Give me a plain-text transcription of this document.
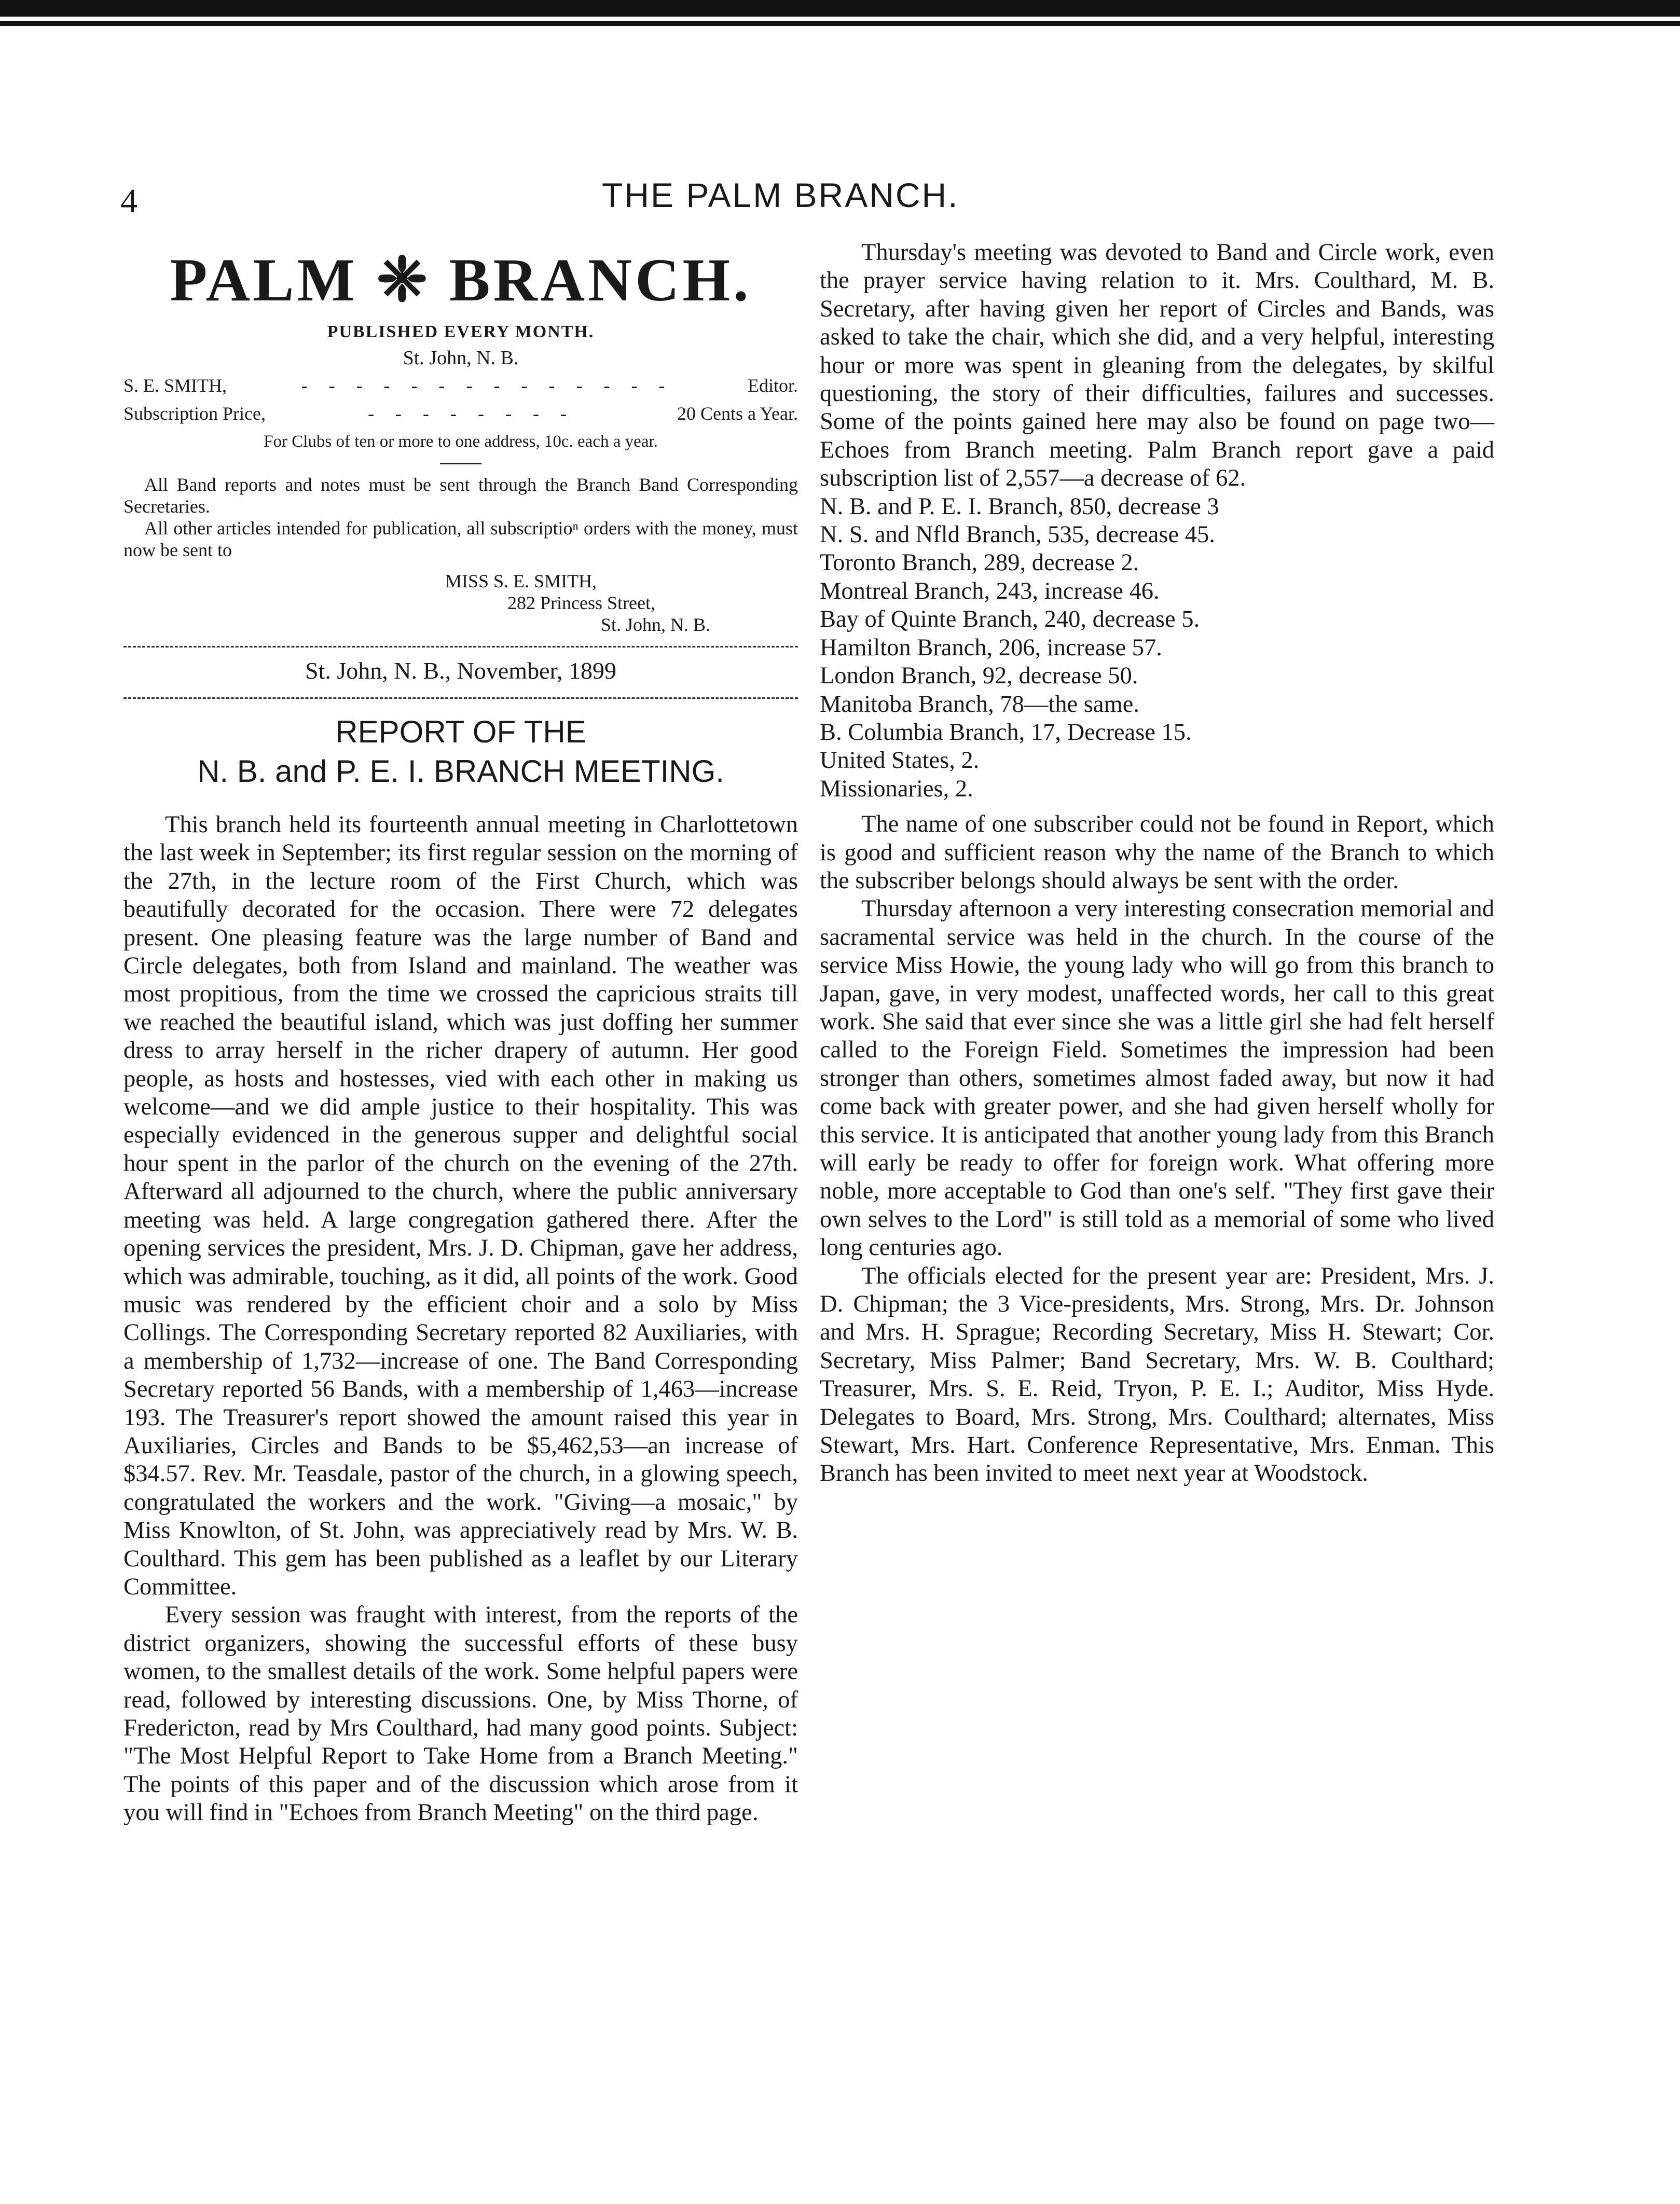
4	THE PALM BRANCH.
PALM ❈ BRANCH.
PUBLISHED EVERY MONTH.
St. John, N. B.
S. E. SMITH,	- - - - - - - - - - - - - -	Editor.
Subscription Price,	- - - - - - - -	20 Cents a Year.
For Clubs of ten or more to one address, 10c. each a year.
All Band reports and notes must be sent through the Branch Band Corresponding Secretaries.
All other articles intended for publication, all subscriptioⁿ orders with the money, must now be sent to
MISS S. E. SMITH,
282 Princess Street,
St. John, N. B.
St. John, N. B., November, 1899
REPORT OF THE
N. B. and P. E. I. BRANCH MEETING.

This branch held its fourteenth annual meeting in Charlottetown the last week in September; its first regular session on the morning of the 27th, in the lecture room of the First Church, which was beautifully decorated for the occasion. There were 72 delegates present. One pleasing feature was the large number of Band and Circle delegates, both from Island and mainland. The weather was most propitious, from the time we crossed the capricious straits till we reached the beautiful island, which was just doffing her summer dress to array herself in the richer drapery of autumn. Her good people, as hosts and hostesses, vied with each other in making us welcome—and we did ample justice to their hospitality. This was especially evidenced in the generous supper and delightful social hour spent in the parlor of the church on the evening of the 27th. Afterward all adjourned to the church, where the public anniversary meeting was held. A large congregation gathered there. After the opening services the president, Mrs. J. D. Chipman, gave her address, which was admirable, touching, as it did, all points of the work. Good music was rendered by the efficient choir and a solo by Miss Collings. The Corresponding Secretary reported 82 Auxiliaries, with a membership of 1,732—increase of one. The Band Corresponding Secretary reported 56 Bands, with a membership of 1,463—increase 193. The Treasurer's report showed the amount raised this year in Auxiliaries, Circles and Bands to be $5,462,53—an increase of $34.57. Rev. Mr. Teasdale, pastor of the church, in a glowing speech, congratulated the workers and the work. "Giving—a mosaic," by Miss Knowlton, of St. John, was appreciatively read by Mrs. W. B. Coulthard. This gem has been published as a leaflet by our Literary Committee.

Every session was fraught with interest, from the reports of the district organizers, showing the successful efforts of these busy women, to the smallest details of the work. Some helpful papers were read, followed by interesting discussions. One, by Miss Thorne, of Fredericton, read by Mrs Coulthard, had many good points. Subject: "The Most Helpful Report to Take Home from a Branch Meeting." The points of this paper and of the discussion which arose from it you will find in "Echoes from Branch Meeting" on the third page.

Thursday's meeting was devoted to Band and Circle work, even the prayer service having relation to it. Mrs. Coulthard, M. B. Secretary, after having given her report of Circles and Bands, was asked to take the chair, which she did, and a very helpful, interesting hour or more was spent in gleaning from the delegates, by skilful questioning, the story of their difficulties, failures and successes. Some of the points gained here may also be found on page two—Echoes from Branch meeting. Palm Branch report gave a paid subscription list of 2,557—a decrease of 62.

N. B. and P. E. I. Branch, 850, decrease 3
N. S. and Nfld Branch, 535, decrease 45.
Toronto Branch, 289, decrease 2.
Montreal Branch, 243, increase 46.
Bay of Quinte Branch, 240, decrease 5.
Hamilton Branch, 206, increase 57.
London Branch, 92, decrease 50.
Manitoba Branch, 78—the same.
B. Columbia Branch, 17, Decrease 15.
United States, 2.
Missionaries, 2.

The name of one subscriber could not be found in Report, which is good and sufficient reason why the name of the Branch to which the subscriber belongs should always be sent with the order.

Thursday afternoon a very interesting consecration memorial and sacramental service was held in the church. In the course of the service Miss Howie, the young lady who will go from this branch to Japan, gave, in very modest, unaffected words, her call to this great work. She said that ever since she was a little girl she had felt herself called to the Foreign Field. Sometimes the impression had been stronger than others, sometimes almost faded away, but now it had come back with greater power, and she had given herself wholly for this service. It is anticipated that another young lady from this Branch will early be ready to offer for foreign work. What offering more noble, more acceptable to God than one's self. "They first gave their own selves to the Lord" is still told as a memorial of some who lived long centuries ago.

The officials elected for the present year are: President, Mrs. J. D. Chipman; the 3 Vice-presidents, Mrs. Strong, Mrs. Dr. Johnson and Mrs. H. Sprague; Recording Secretary, Miss H. Stewart; Cor. Secretary, Miss Palmer; Band Secretary, Mrs. W. B. Coulthard; Treasurer, Mrs. S. E. Reid, Tryon, P. E. I.; Auditor, Miss Hyde. Delegates to Board, Mrs. Strong, Mrs. Coulthard; alternates, Miss Stewart, Mrs. Hart. Conference Representative, Mrs. Enman. This Branch has been invited to meet next year at Woodstock.
